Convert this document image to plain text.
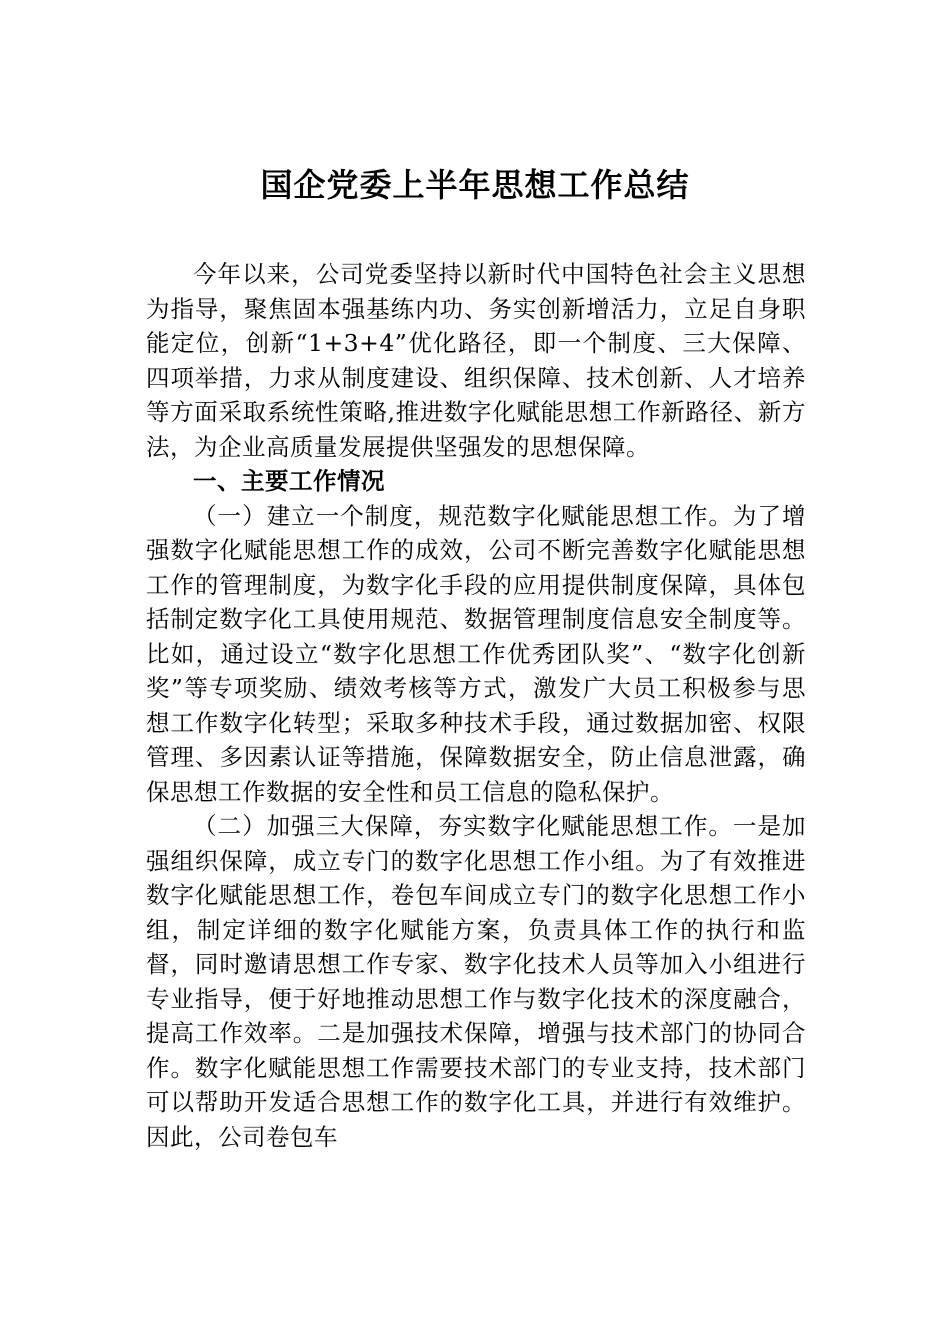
国企党委上半年思想工作总结

今年以来，公司党委坚持以新时代中国特色社会主义思想为指导，聚焦固本强基练内功、务实创新增活力，立足自身职能定位，创新“1+3+4”优化路径，即一个制度、三大保障、四项举措，力求从制度建设、组织保障、技术创新、人才培养等方面采取系统性策略,推进数字化赋能思想工作新路径、新方法，为企业高质量发展提供坚强发的思想保障。

一、主要工作情况

（一）建立一个制度，规范数字化赋能思想工作。为了增强数字化赋能思想工作的成效，公司不断完善数字化赋能思想工作的管理制度，为数字化手段的应用提供制度保障，具体包括制定数字化工具使用规范、数据管理制度信息安全制度等。比如，通过设立“数字化思想工作优秀团队奖”、“数字化创新奖”等专项奖励、绩效考核等方式，激发广大员工积极参与思想工作数字化转型；采取多种技术手段，通过数据加密、权限管理、多因素认证等措施，保障数据安全，防止信息泄露，确保思想工作数据的安全性和员工信息的隐私保护。

（二）加强三大保障，夯实数字化赋能思想工作。一是加强组织保障，成立专门的数字化思想工作小组。为了有效推进数字化赋能思想工作，卷包车间成立专门的数字化思想工作小组，制定详细的数字化赋能方案，负责具体工作的执行和监督，同时邀请思想工作专家、数字化技术人员等加入小组进行专业指导，便于好地推动思想工作与数字化技术的深度融合，提高工作效率。二是加强技术保障，增强与技术部门的协同合作。数字化赋能思想工作需要技术部门的专业支持，技术部门可以帮助开发适合思想工作的数字化工具，并进行有效维护。因此，公司卷包车
